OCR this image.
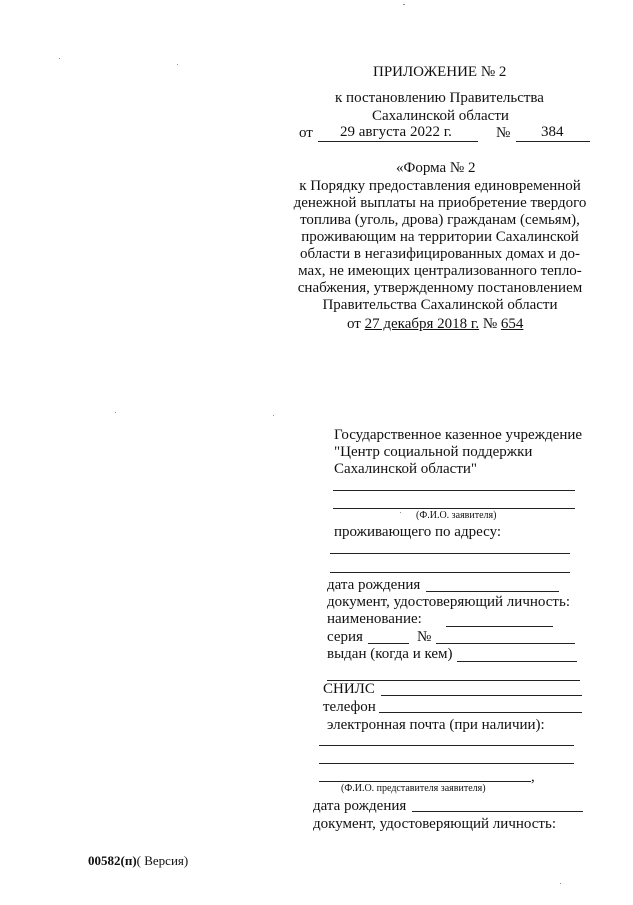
ПРИЛОЖЕНИЕ № 2
к постановлению Правительства
Сахалинской области
от 29 августа 2022 г.	№ 384
«Форма № 2
к Порядку предоставления единовременной
денежной выплаты на приобретение твердого
топлива (уголь, дрова) гражданам (семьям),
проживающим на территории Сахалинской
области в негазифицированных домах и до-
мах, не имеющих централизованного тепло-
снабжения, утвержденному постановлением
Правительства Сахалинской области
от 27 декабря 2018 г. № 654
Государственное казенное учреждение
"Центр социальной поддержки
Сахалинской области"
(Ф.И.О. заявителя)
проживающего по адресу:
дата рождения
документ, удостоверяющий личность:
наименование:
серия	№
выдан (когда и кем)
СНИЛС
телефон
электронная почта (при наличии):
,
(Ф.И.О. представителя заявителя)
дата рождения
документ, удостоверяющий личность:
00582(п)( Версия)
